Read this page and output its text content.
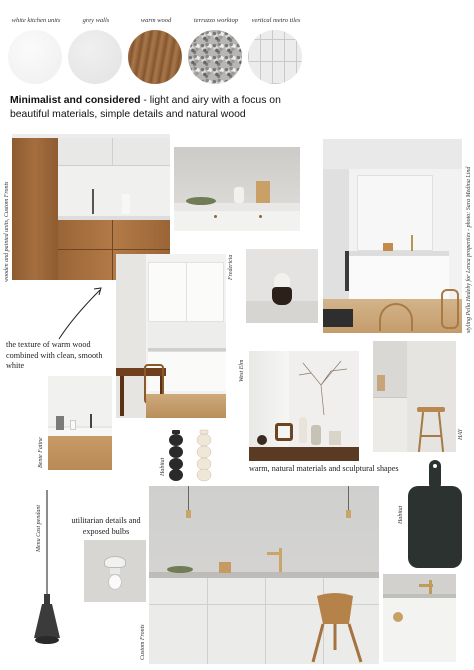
white kitchen units	grey walls	warm wood	terrazzo worktop	vertical metro tiles
Minimalist and considered - light and airy with a focus on beautiful materials, simple details and natural wood
wooden and painted units, Custom Fronts	styling Pella Hedeby for Lenca properties - photo: Sara Medina Lind
the texture of warm wood combined with clean, smooth white
Fredericia
West Elm
warm, natural materials and sculptural shapes
HAY
Bente Fatine	Habitat
Habitat
Menu Cast pendant	utilitarian details and exposed bulbs
Custom Fronts
